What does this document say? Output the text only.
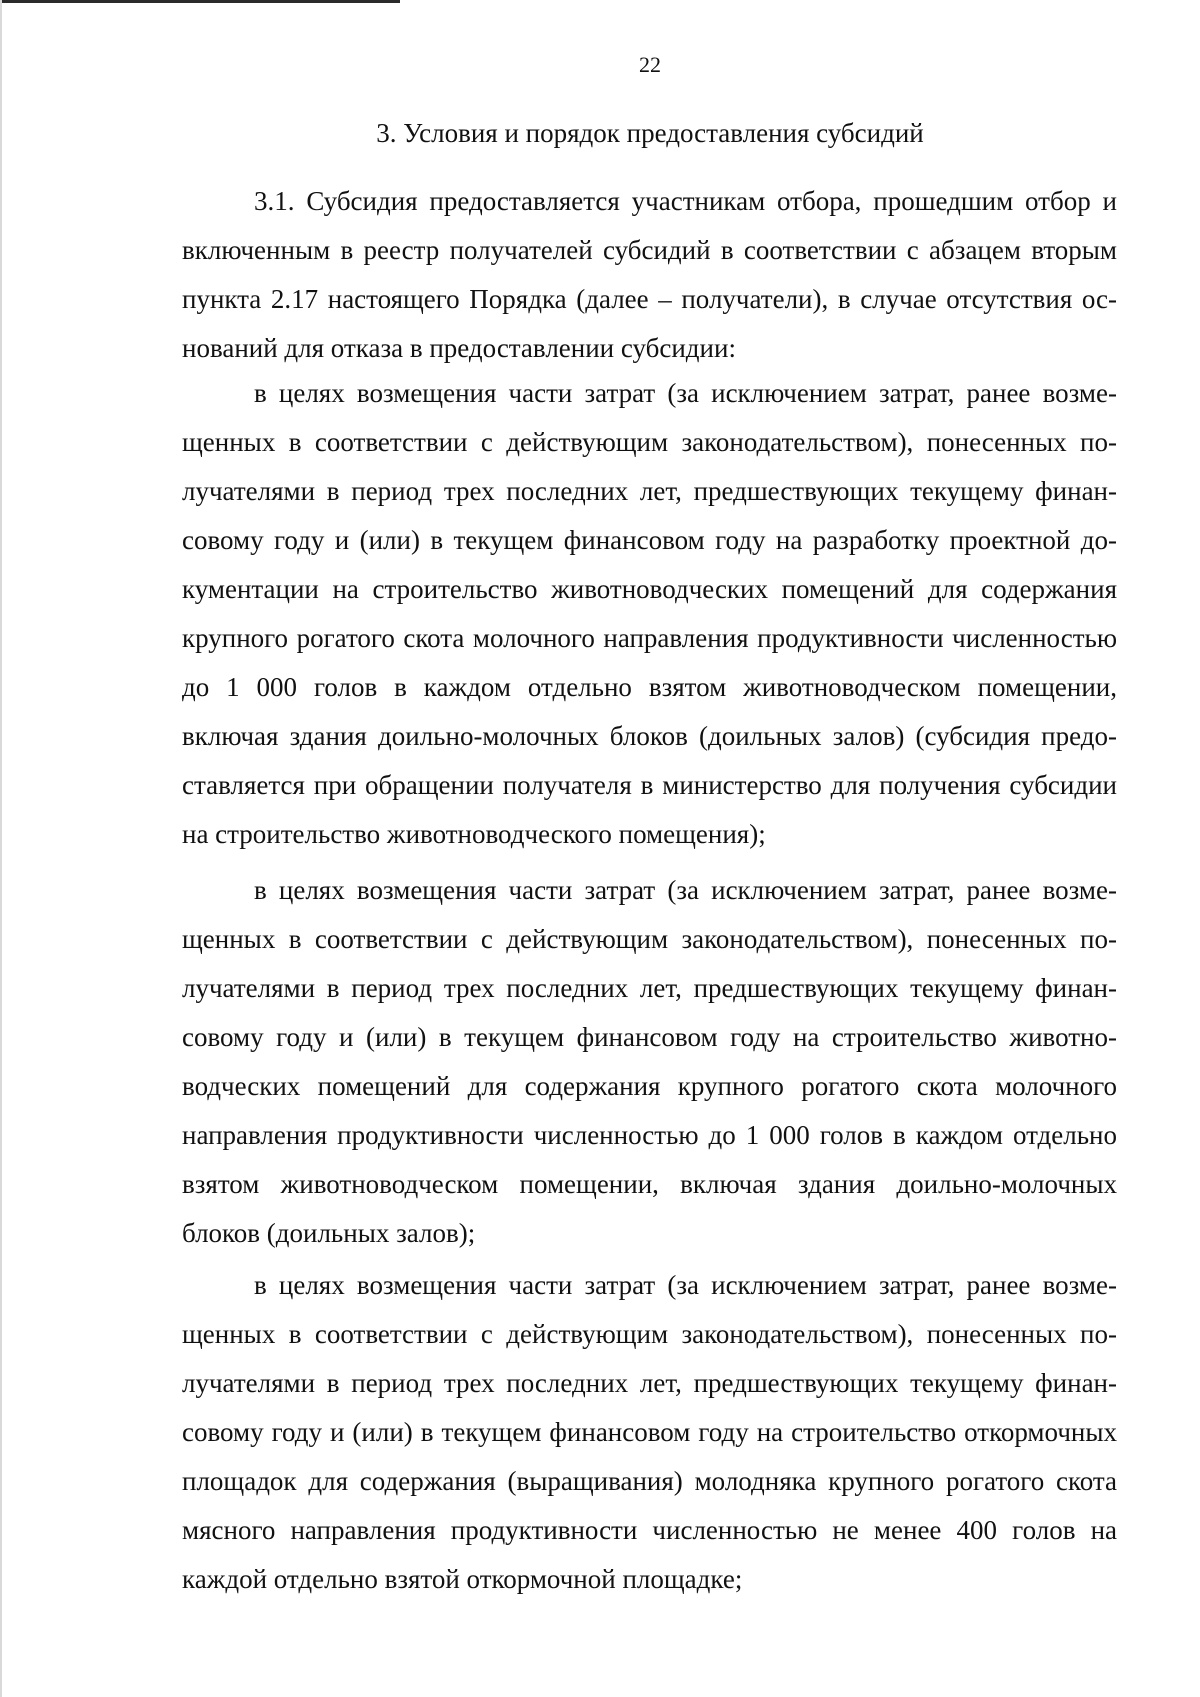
22
3. Условия и порядок предоставления субсидий

3.1. Субсидия предоставляется участникам отбора, прошедшим отбор и включенным в реестр получателей субсидий в соответствии с абзацем вторым пункта 2.17 настоящего Порядка (далее – получатели), в случае отсутствия оснований для отказа в предоставлении субсидии:

в целях возмещения части затрат (за исключением затрат, ранее возмещенных в соответствии с действующим законодательством), понесенных получателями в период трех последних лет, предшествующих текущему финансовому году и (или) в текущем финансовом году на разработку проектной документации на строительство животноводческих помещений для содержания крупного рогатого скота молочного направления продуктивности численностью до 1 000 голов в каждом отдельно взятом животноводческом помещении, включая здания доильно-молочных блоков (доильных залов) (субсидия предоставляется при обращении получателя в министерство для получения субсидии на строительство животноводческого помещения);

в целях возмещения части затрат (за исключением затрат, ранее возмещенных в соответствии с действующим законодательством), понесенных получателями в период трех последних лет, предшествующих текущему финансовому году и (или) в текущем финансовом году на строительство животноводческих помещений для содержания крупного рогатого скота молочного направления продуктивности численностью до 1 000 голов в каждом отдельно взятом животноводческом помещении, включая здания доильно-молочных блоков (доильных залов);

в целях возмещения части затрат (за исключением затрат, ранее возмещенных в соответствии с действующим законодательством), понесенных получателями в период трех последних лет, предшествующих текущему финансовому году и (или) в текущем финансовом году на строительство откормочных площадок для содержания (выращивания) молодняка крупного рогатого скота мясного направления продуктивности численностью не менее 400 голов на каждой отдельно взятой откормочной площадке;
